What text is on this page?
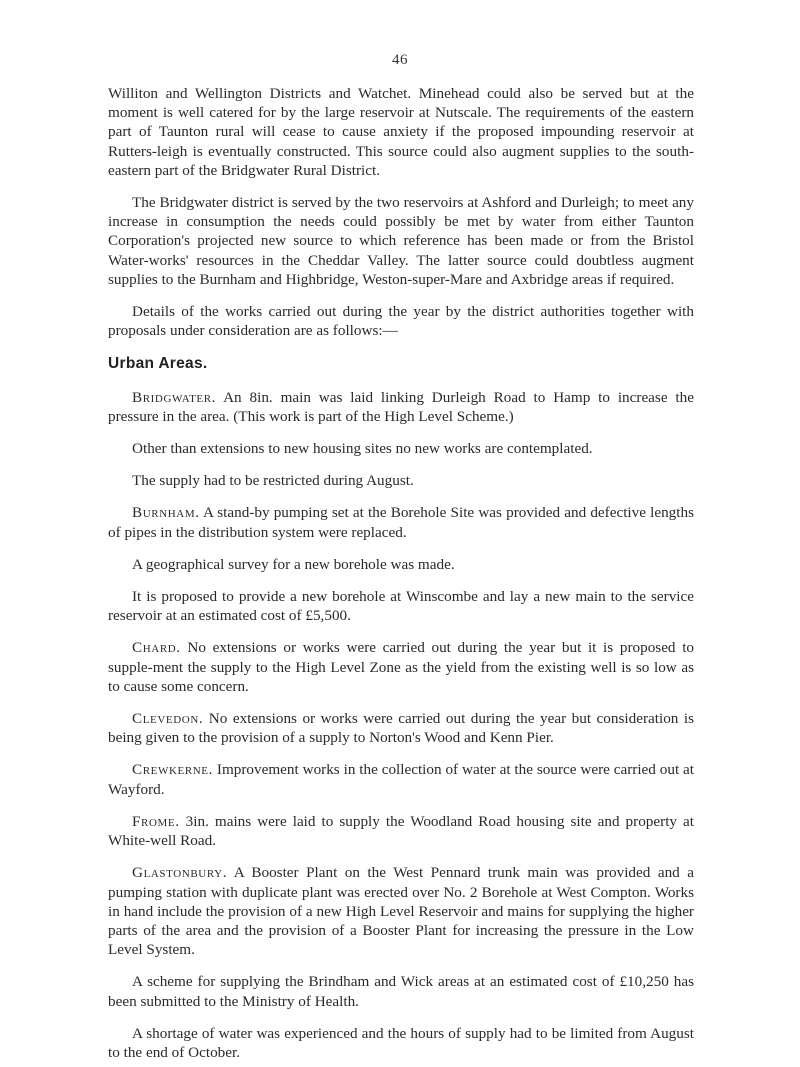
46

Williton and Wellington Districts and Watchet. Minehead could also be served but at the moment is well catered for by the large reservoir at Nutscale. The requirements of the eastern part of Taunton rural will cease to cause anxiety if the proposed impounding reservoir at Rutters-leigh is eventually constructed. This source could also augment supplies to the south-eastern part of the Bridgwater Rural District.

The Bridgwater district is served by the two reservoirs at Ashford and Durleigh; to meet any increase in consumption the needs could possibly be met by water from either Taunton Corporation's projected new source to which reference has been made or from the Bristol Water-works' resources in the Cheddar Valley. The latter source could doubtless augment supplies to the Burnham and Highbridge, Weston-super-Mare and Axbridge areas if required.

Details of the works carried out during the year by the district authorities together with proposals under consideration are as follows:—

Urban Areas.

Bridgwater. An 8in. main was laid linking Durleigh Road to Hamp to increase the pressure in the area. (This work is part of the High Level Scheme.)

Other than extensions to new housing sites no new works are contemplated.

The supply had to be restricted during August.

Burnham. A stand-by pumping set at the Borehole Site was provided and defective lengths of pipes in the distribution system were replaced.

A geographical survey for a new borehole was made.

It is proposed to provide a new borehole at Winscombe and lay a new main to the service reservoir at an estimated cost of £5,500.

Chard. No extensions or works were carried out during the year but it is proposed to supple-ment the supply to the High Level Zone as the yield from the existing well is so low as to cause some concern.

Clevedon. No extensions or works were carried out during the year but consideration is being given to the provision of a supply to Norton's Wood and Kenn Pier.

Crewkerne. Improvement works in the collection of water at the source were carried out at Wayford.

Frome. 3in. mains were laid to supply the Woodland Road housing site and property at White-well Road.

Glastonbury. A Booster Plant on the West Pennard trunk main was provided and a pumping station with duplicate plant was erected over No. 2 Borehole at West Compton. Works in hand include the provision of a new High Level Reservoir and mains for supplying the higher parts of the area and the provision of a Booster Plant for increasing the pressure in the Low Level System.

A scheme for supplying the Brindham and Wick areas at an estimated cost of £10,250 has been submitted to the Ministry of Health.

A shortage of water was experienced and the hours of supply had to be limited from August to the end of October.
